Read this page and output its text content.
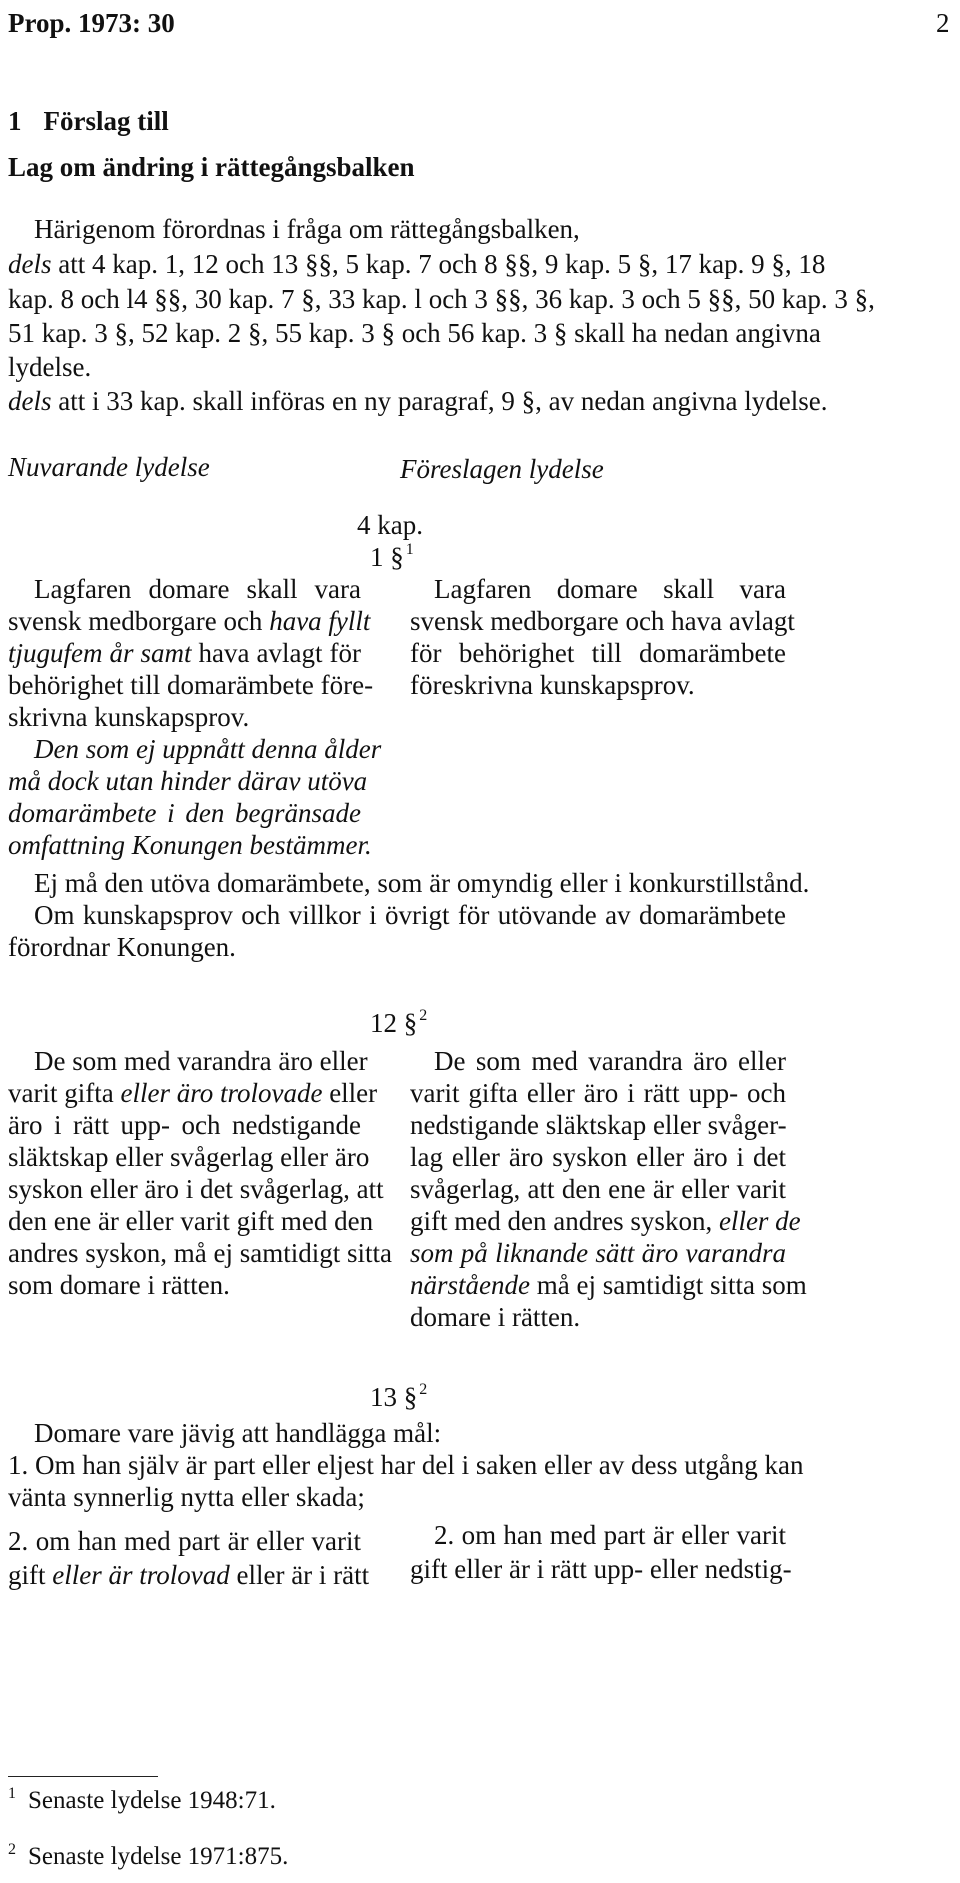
Prop. 1973: 30	2
1 Förslag till
Lag om ändring i rättegångsbalken
Härigenom förordnas i fråga om rättegångsbalken,
dels att 4 kap. 1, 12 och 13 §§, 5 kap. 7 och 8 §§, 9 kap. 5 §, 17 kap. 9 §, 18
kap. 8 och l4 §§, 30 kap. 7 §, 33 kap. l och 3 §§, 36 kap. 3 och 5 §§, 50 kap. 3 §,
51 kap. 3 §, 52 kap. 2 §, 55 kap. 3 § och 56 kap. 3 § skall ha nedan angivna
lydelse.
dels att i 33 kap. skall införas en ny paragraf, 9 §, av nedan angivna lydelse.
Nuvarande lydelse	Föreslagen lydelse
4 kap.
1 § $^1$
Lagfaren domare skall vara
svensk medborgare och hava fyllt
tjugufem år samt hava avlagt för
behörighet till domarämbete före-
skrivna kunskapsprov.
Den som ej uppnått denna ålder
må dock utan hinder därav utöva
domarämbete i den begränsade
omfattning Konungen bestämmer.
Lagfaren domare skall vara
svensk medborgare och hava avlagt
för behörighet till domarämbete
föreskrivna kunskapsprov.
Ej må den utöva domarämbete, som är omyndig eller i konkurstillstånd.
Om kunskapsprov och villkor i övrigt för utövande av domarämbete
förordnar Konungen.
12 § $^2$
De som med varandra äro eller
varit gifta eller äro trolovade eller
äro i rätt upp- och nedstigande
släktskap eller svågerlag eller äro
syskon eller äro i det svågerlag, att
den ene är eller varit gift med den
andres syskon, må ej samtidigt sitta
som domare i rätten.
De som med varandra äro eller
varit gifta eller äro i rätt upp- och
nedstigande släktskap eller svåger-
lag eller äro syskon eller äro i det
svågerlag, att den ene är eller varit
gift med den andres syskon, eller de
som på liknande sätt äro varandra
närstående må ej samtidigt sitta som
domare i rätten.
13 § $^2$
Domare vare jävig att handlägga mål:
1. Om han själv är part eller eljest har del i saken eller av dess utgång kan
vänta synnerlig nytta eller skada;
2. om han med part är eller varit
gift eller är trolovad eller är i rätt
2. om han med part är eller varit
gift eller är i rätt upp- eller nedstig-
$^1$ Senaste lydelse 1948:71.
$^2$ Senaste lydelse 1971:875.
